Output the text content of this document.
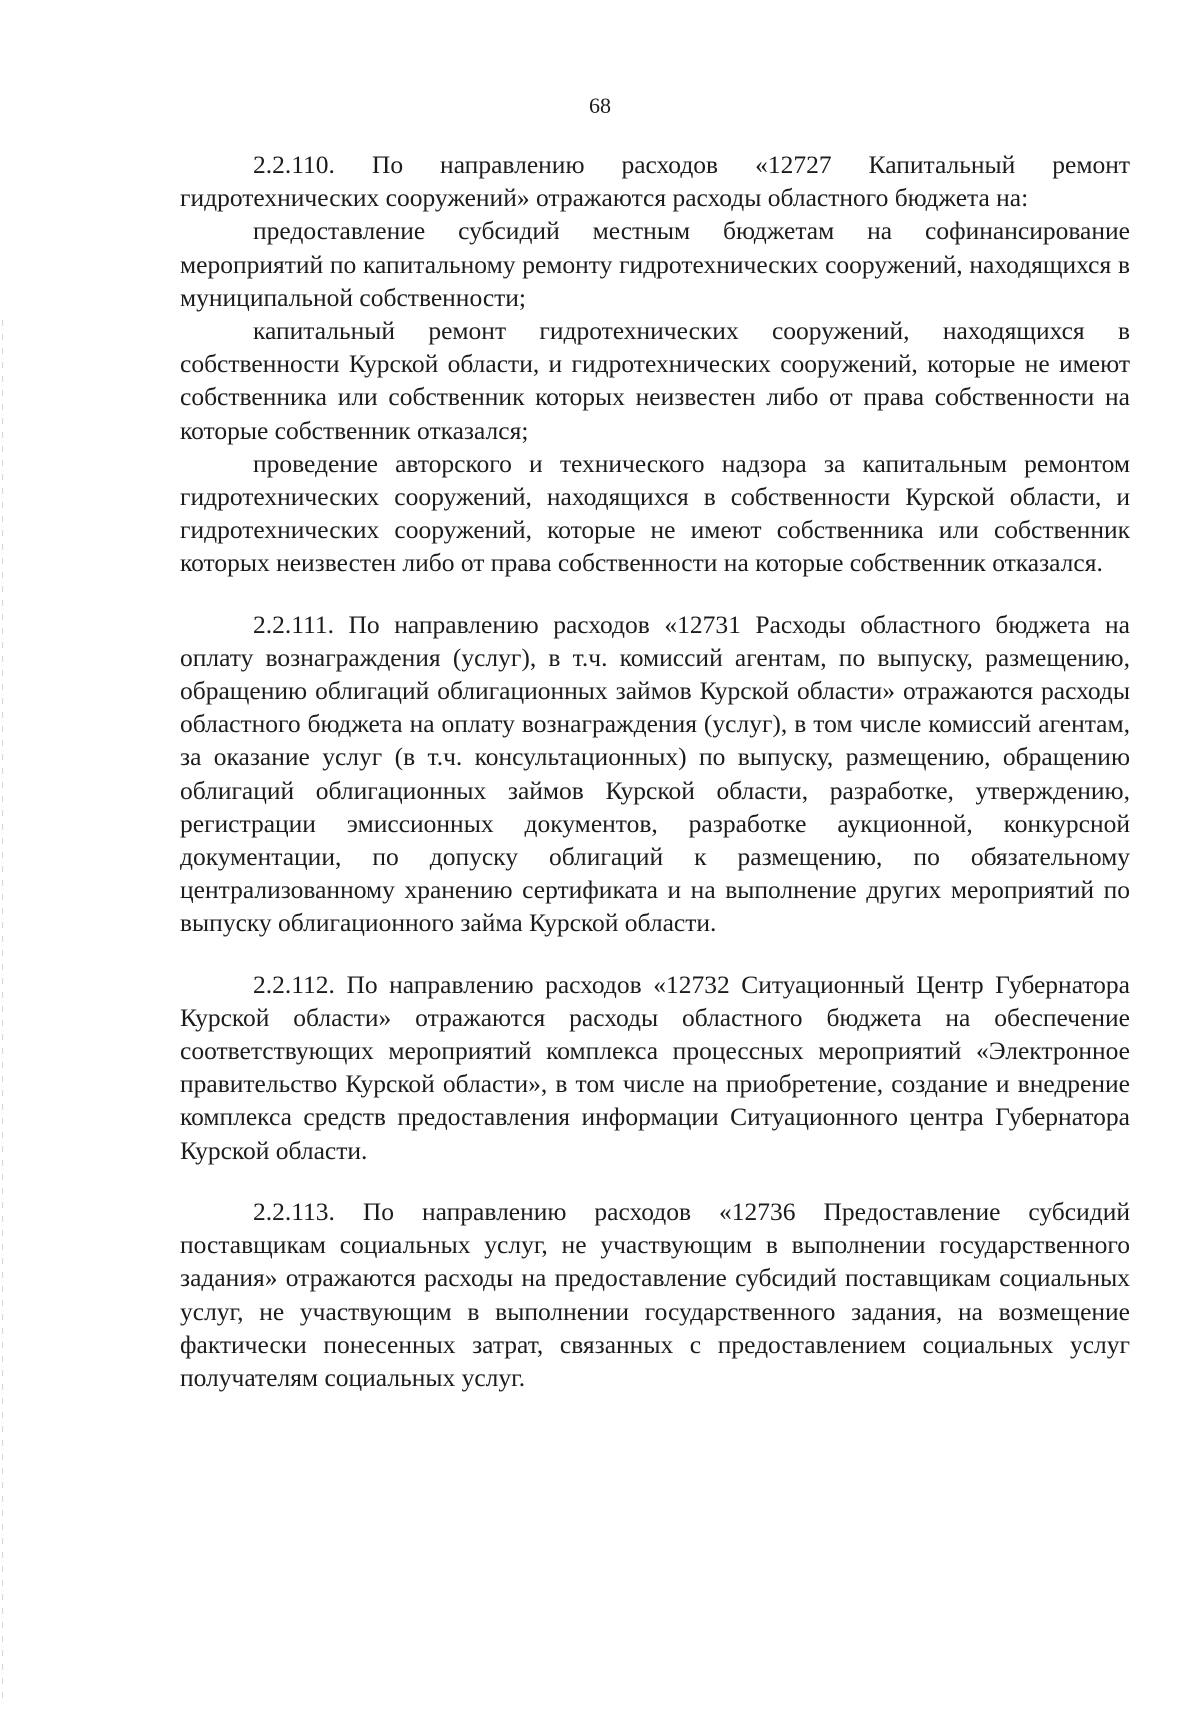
68

2.2.110. По направлению расходов «12727 Капитальный ремонт гидротехнических сооружений» отражаются расходы областного бюджета на:

предоставление субсидий местным бюджетам на софинансирование мероприятий по капитальному ремонту гидротехнических сооружений, находящихся в муниципальной собственности;

капитальный ремонт гидротехнических сооружений, находящихся в собственности Курской области, и гидротехнических сооружений, которые не имеют собственника или собственник которых неизвестен либо от права собственности на которые собственник отказался;

проведение авторского и технического надзора за капитальным ремонтом гидротехнических сооружений, находящихся в собственности Курской области, и гидротехнических сооружений, которые не имеют собственника или собственник которых неизвестен либо от права собственности на которые собственник отказался.

2.2.111. По направлению расходов «12731 Расходы областного бюджета на оплату вознаграждения (услуг), в т.ч. комиссий агентам, по выпуску, размещению, обращению облигаций облигационных займов Курской области» отражаются расходы областного бюджета на оплату вознаграждения (услуг), в том числе комиссий агентам, за оказание услуг (в т.ч. консультационных) по выпуску, размещению, обращению облигаций облигационных займов Курской области, разработке, утверждению, регистрации эмиссионных документов, разработке аукционной, конкурсной документации, по допуску облигаций к размещению, по обязательному централизованному хранению сертификата и на выполнение других мероприятий по выпуску облигационного займа Курской области.

2.2.112. По направлению расходов «12732 Ситуационный Центр Губернатора Курской области» отражаются расходы областного бюджета на обеспечение соответствующих мероприятий комплекса процессных мероприятий «Электронное правительство Курской области», в том числе на приобретение, создание и внедрение комплекса средств предоставления информации Ситуационного центра Губернатора Курской области.

2.2.113. По направлению расходов «12736 Предоставление субсидий поставщикам социальных услуг, не участвующим в выполнении государственного задания» отражаются расходы на предоставление субсидий поставщикам социальных услуг, не участвующим в выполнении государственного задания, на возмещение фактически понесенных затрат, связанных с предоставлением социальных услуг получателям социальных услуг.
